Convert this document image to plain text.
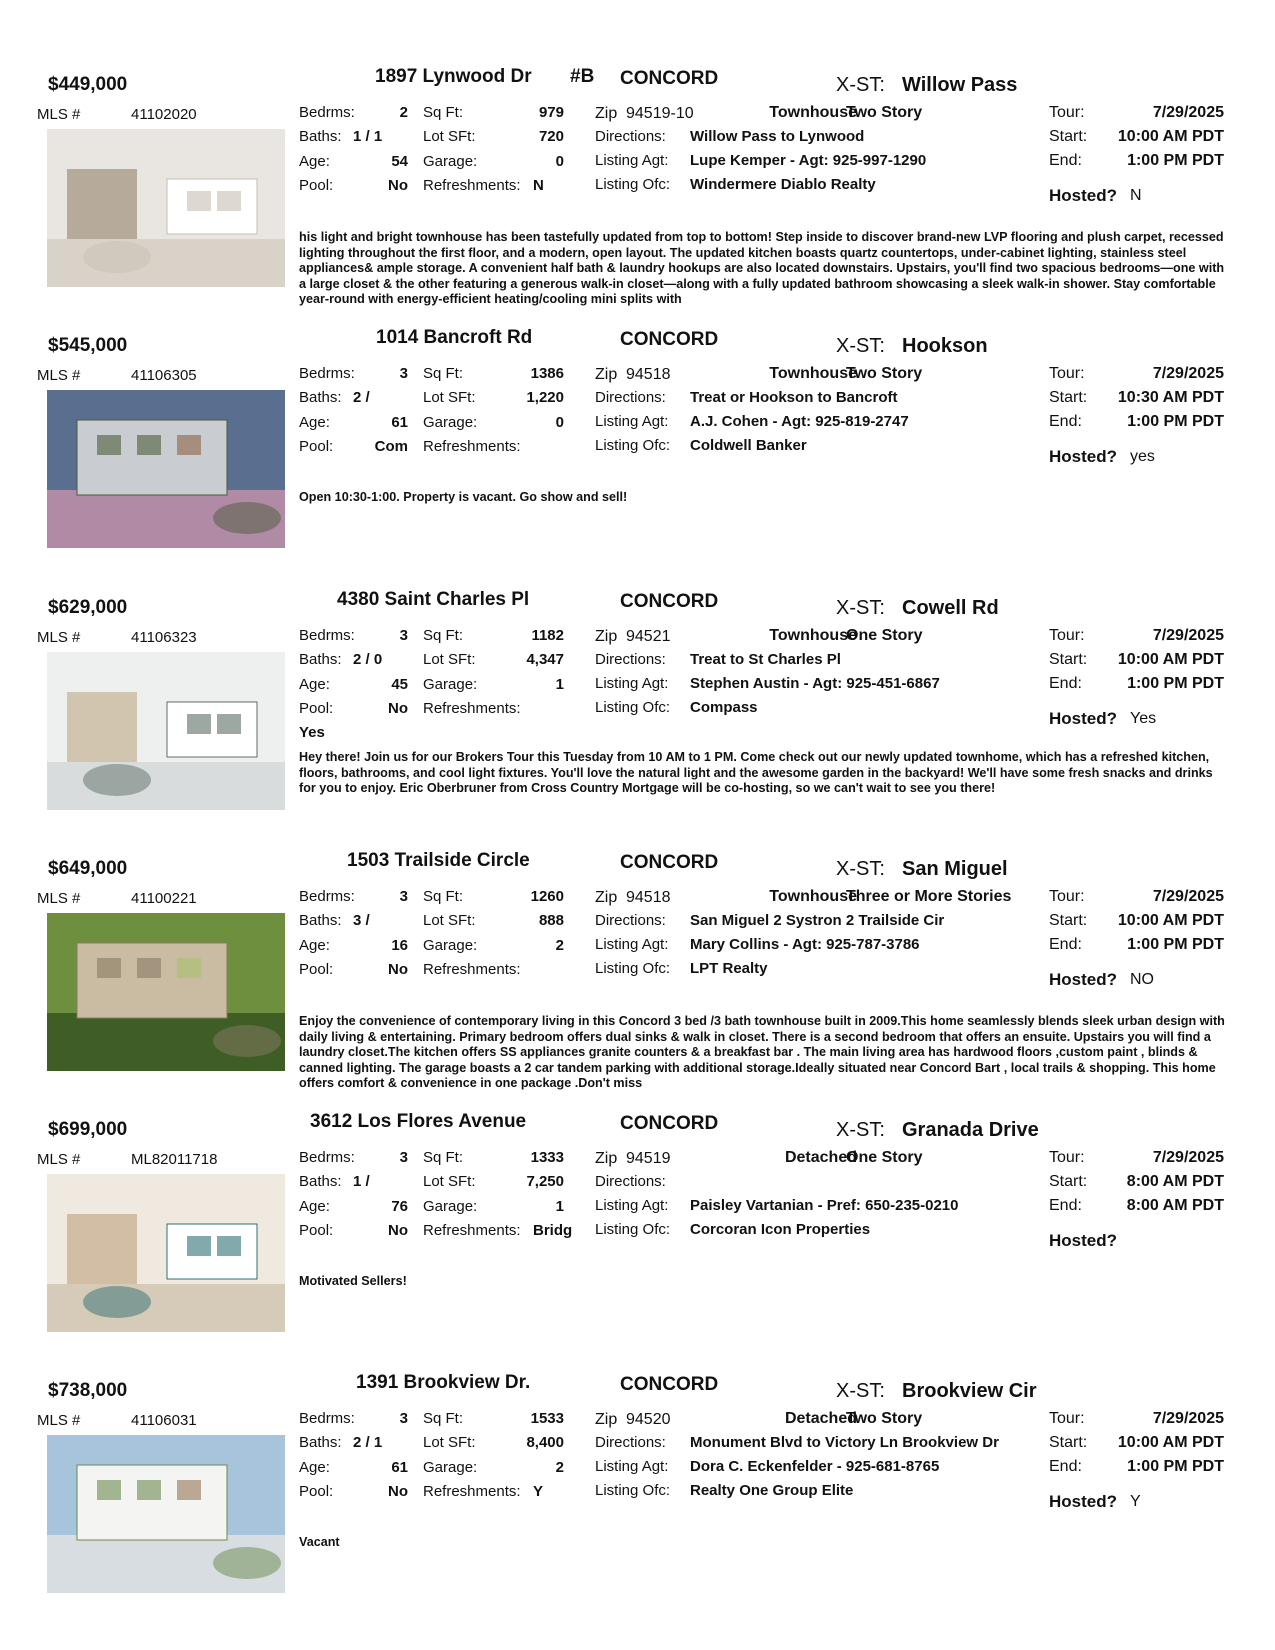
$449,000	1897 Lynwood Dr #B CONCORD	X-ST: Willow Pass
MLS #	41102020	Bedrms:	2
Baths: 1 / 1
Age:	54
Pool:	No
Sq Ft:	979
Lot SFt:	720
Garage:	0
Refreshments: N
Zip 94519-10	Townhouse
Two Story
Directions: Willow Pass to Lynwood
Listing Agt: Lupe Kemper - Agt: 925-997-1290
Listing Ofc: Windermere Diablo Realty
Tour:	7/29/2025
Start:	10:00 AM PDT
End:	1:00 PM PDT
Hosted? N
his light and bright townhouse has been tastefully updated from top to bottom! Step inside to discover brand-new LVP flooring and plush carpet, recessed lighting throughout the first floor, and a modern, open layout. The updated kitchen boasts quartz countertops, under-cabinet lighting, stainless steel appliances& ample storage. A convenient half bath & laundry hookups are also located downstairs. Upstairs, you'll find two spacious bedrooms—one with a large closet & the other featuring a generous walk-in closet—along with a fully updated bathroom showcasing a sleek walk-in shower. Stay comfortable year-round with energy-efficient heating/cooling mini splits with
$545,000	1014 Bancroft Rd	CONCORD	X-ST: Hookson
MLS #	41106305	Bedrms:	3
Baths: 2 /
Age:	61
Pool:	Com
Sq Ft:	1386
Lot SFt:	1,220
Garage:	0
Refreshments:
Zip 94518	Townhouse
Two Story
Directions: Treat or Hookson to Bancroft
Listing Agt: A.J. Cohen - Agt: 925-819-2747
Listing Ofc: Coldwell Banker
Tour:	7/29/2025
Start:	10:30 AM PDT
End:	1:00 PM PDT
Hosted? yes
Open 10:30-1:00. Property is vacant. Go show and sell!
$629,000	4380 Saint Charles Pl	CONCORD	X-ST: Cowell Rd
MLS #	41106323	Bedrms:	3
Baths: 2 / 0
Age:	45
Pool:	No
Yes
Sq Ft:	1182
Lot SFt:	4,347
Garage:	1
Refreshments:
Zip 94521	Townhouse
One Story
Directions: Treat to St Charles Pl
Listing Agt: Stephen Austin - Agt: 925-451-6867
Listing Ofc: Compass
Tour:	7/29/2025
Start:	10:00 AM PDT
End:	1:00 PM PDT
Hosted? Yes
Hey there! Join us for our Brokers Tour this Tuesday from 10 AM to 1 PM. Come check out our newly updated townhome, which has a refreshed kitchen, floors, bathrooms, and cool light fixtures. You'll love the natural light and the awesome garden in the backyard! We'll have some fresh snacks and drinks for you to enjoy. Eric Oberbruner from Cross Country Mortgage will be co-hosting, so we can't wait to see you there!
$649,000	1503 Trailside Circle	CONCORD	X-ST: San Miguel
MLS #	41100221	Bedrms:	3
Baths: 3 /
Age:	16
Pool:	No
Sq Ft:	1260
Lot SFt:	888
Garage:	2
Refreshments:
Zip 94518	Townhouse
Three or More Stories
Directions: San Miguel 2 Systron 2 Trailside Cir
Listing Agt: Mary Collins - Agt: 925-787-3786
Listing Ofc: LPT Realty
Tour:	7/29/2025
Start:	10:00 AM PDT
End:	1:00 PM PDT
Hosted? NO
Enjoy the convenience of contemporary living in this Concord 3 bed /3 bath townhouse built in 2009.This home seamlessly blends sleek urban design with daily living & entertaining. Primary bedroom offers dual sinks & walk in closet. There is a second bedroom that offers an ensuite. Upstairs you will find a laundry closet.The kitchen offers SS appliances granite counters & a breakfast bar . The main living area has hardwood floors ,custom paint , blinds & canned lighting. The garage boasts a 2 car tandem parking with additional storage.Ideally situated near Concord Bart , local trails & shopping. This home offers comfort & convenience in one package .Don't miss
$699,000	3612 Los Flores Avenue	CONCORD	X-ST: Granada Drive
MLS #	ML82011718	Bedrms:	3
Baths: 1 /
Age:	76
Pool:	No
Sq Ft:	1333
Lot SFt:	7,250
Garage:	1
Refreshments: Bridg
Zip 94519	Detached
One Story
Directions:
Listing Agt: Paisley Vartanian - Pref: 650-235-0210
Listing Ofc: Corcoran Icon Properties
Tour:	7/29/2025
Start:	8:00 AM PDT
End:	8:00 AM PDT
Hosted?
Motivated Sellers!
$738,000	1391 Brookview Dr.	CONCORD	X-ST: Brookview Cir
MLS #	41106031	Bedrms:	3
Baths: 2 / 1
Age:	61
Pool:	No
Sq Ft:	1533
Lot SFt:	8,400
Garage:	2
Refreshments: Y
Zip 94520	Detached
Two Story
Directions: Monument Blvd to Victory Ln Brookview Dr
Listing Agt: Dora C. Eckenfelder - 925-681-8765
Listing Ofc: Realty One Group Elite
Tour:	7/29/2025
Start:	10:00 AM PDT
End:	1:00 PM PDT
Hosted? Y
Vacant
